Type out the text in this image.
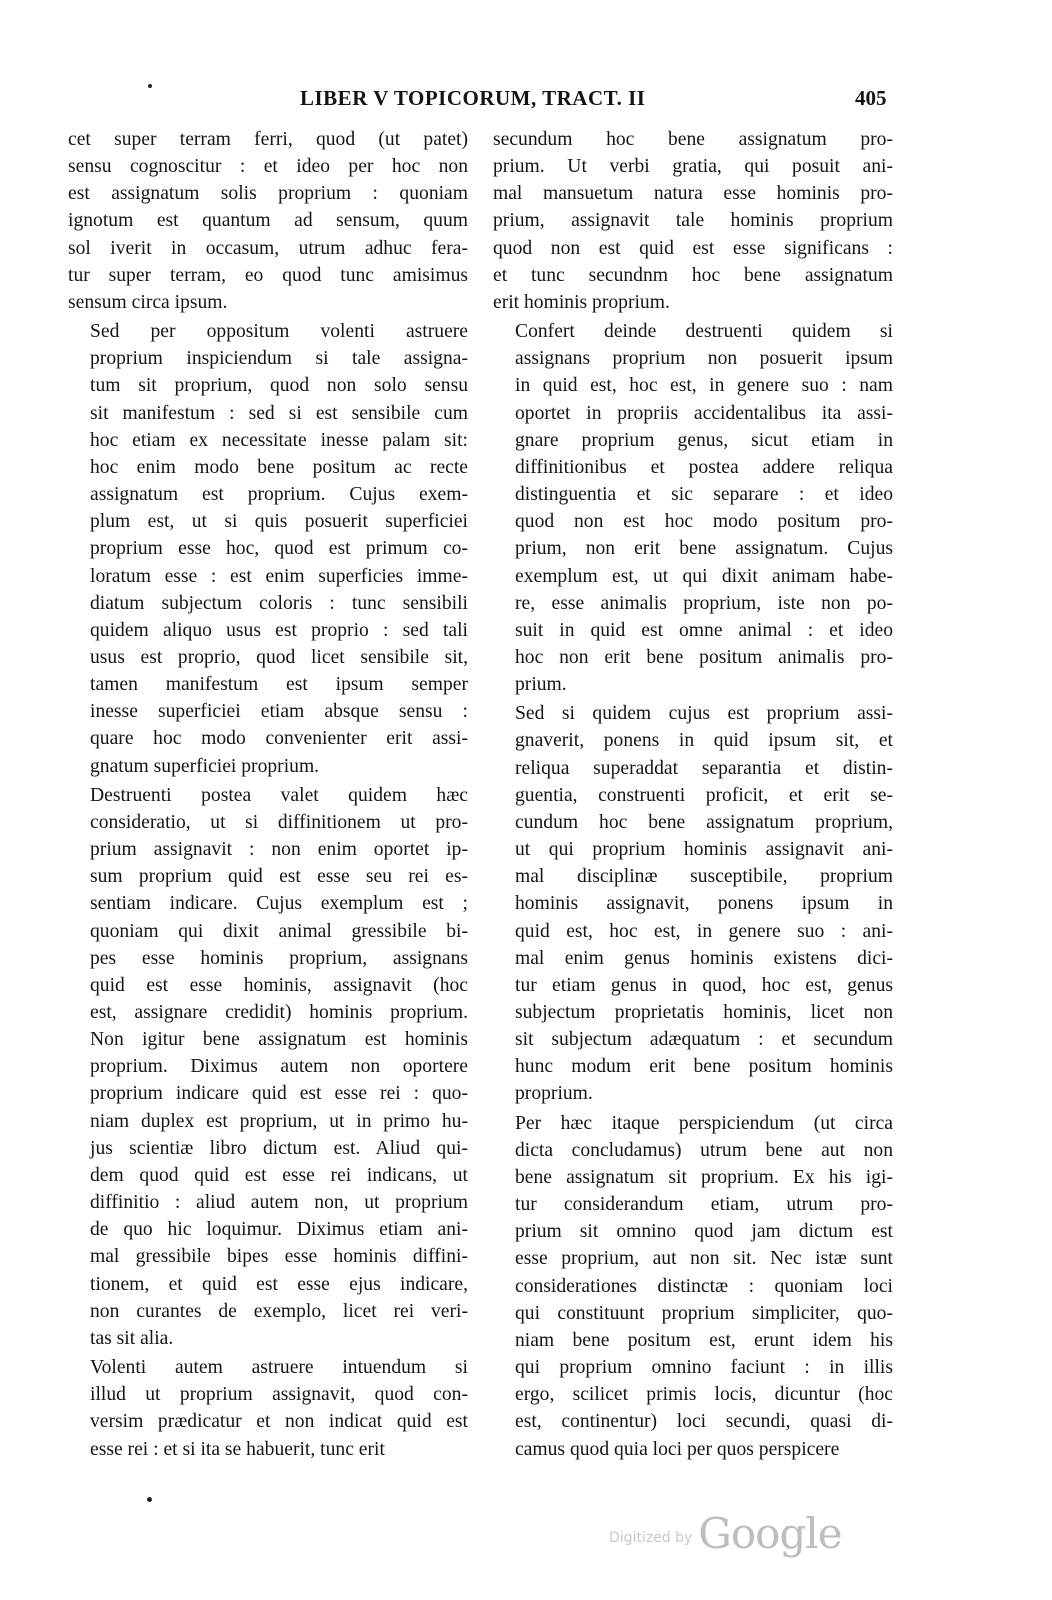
LIBER V TOPICORUM, TRACT. II	405

cet super terram ferri, quod (ut patet)
sensu cognoscitur : et ideo per hoc non
est assignatum solis proprium : quoniam
ignotum est quantum ad sensum, quum
sol iverit in occasum, utrum adhuc fera-
tur super terram, eo quod tunc amisimus
sensum circa ipsum.

Sed per oppositum volenti astruere
proprium inspiciendum si tale assigna-
tum sit proprium, quod non solo sensu
sit manifestum : sed si est sensibile cum
hoc etiam ex necessitate inesse palam sit:
hoc enim modo bene positum ac recte
assignatum est proprium. Cujus exem-
plum est, ut si quis posuerit superficiei
proprium esse hoc, quod est primum co-
loratum esse : est enim superficies imme-
diatum subjectum coloris : tunc sensibili
quidem aliquo usus est proprio : sed tali
usus est proprio, quod licet sensibile sit,
tamen manifestum est ipsum semper
inesse superficiei etiam absque sensu :
quare hoc modo convenienter erit assi-
gnatum superficiei proprium.

Destruenti postea valet quidem hæc
consideratio, ut si diffinitionem ut pro-
prium assignavit : non enim oportet ip-
sum proprium quid est esse seu rei es-
sentiam indicare. Cujus exemplum est ;
quoniam qui dixit animal gressibile bi-
pes esse hominis proprium, assignans
quid est esse hominis, assignavit (hoc
est, assignare credidit) hominis proprium.
Non igitur bene assignatum est hominis
proprium. Diximus autem non oportere
proprium indicare quid est esse rei : quo-
niam duplex est proprium, ut in primo hu-
jus scientiæ libro dictum est. Aliud qui-
dem quod quid est esse rei indicans, ut
diffinitio : aliud autem non, ut proprium
de quo hic loquimur. Diximus etiam ani-
mal gressibile bipes esse hominis diffini-
tionem, et quid est esse ejus indicare,
non curantes de exemplo, licet rei veri-
tas sit alia.

Volenti autem astruere intuendum si
illud ut proprium assignavit, quod con-
versim prædicatur et non indicat quid est
esse rei : et si ita se habuerit, tunc erit

secundum hoc bene assignatum pro-
prium. Ut verbi gratia, qui posuit ani-
mal mansuetum natura esse hominis pro-
prium, assignavit tale hominis proprium
quod non est quid est esse significans :
et tunc secundnm hoc bene assignatum
erit hominis proprium.

Confert deinde destruenti quidem si
assignans proprium non posuerit ipsum
in quid est, hoc est, in genere suo : nam
oportet in propriis accidentalibus ita assi-
gnare proprium genus, sicut etiam in
diffinitionibus et postea addere reliqua
distinguentia et sic separare : et ideo
quod non est hoc modo positum pro-
prium, non erit bene assignatum. Cujus
exemplum est, ut qui dixit animam habe-
re, esse animalis proprium, iste non po-
suit in quid est omne animal : et ideo
hoc non erit bene positum animalis pro-
prium.

Sed si quidem cujus est proprium assi-
gnaverit, ponens in quid ipsum sit, et
reliqua superaddat separantia et distin-
guentia, construenti proficit, et erit se-
cundum hoc bene assignatum proprium,
ut qui proprium hominis assignavit ani-
mal disciplinæ susceptibile, proprium
hominis assignavit, ponens ipsum in
quid est, hoc est, in genere suo : ani-
mal enim genus hominis existens dici-
tur etiam genus in quod, hoc est, genus
subjectum proprietatis hominis, licet non
sit subjectum adæquatum : et secundum
hunc modum erit bene positum hominis
proprium.

Per hæc itaque perspiciendum (ut circa
dicta concludamus) utrum bene aut non
bene assignatum sit proprium. Ex his igi-
tur considerandum etiam, utrum pro-
prium sit omnino quod jam dictum est
esse proprium, aut non sit. Nec istæ sunt
considerationes distinctæ : quoniam loci
qui constituunt proprium simpliciter, quo-
niam bene positum est, erunt idem his
qui proprium omnino faciunt : in illis
ergo, scilicet primis locis, dicuntur (hoc
est, continentur) loci secundi, quasi di-
camus quod quia loci per quos perspicere

Digitized by Google
